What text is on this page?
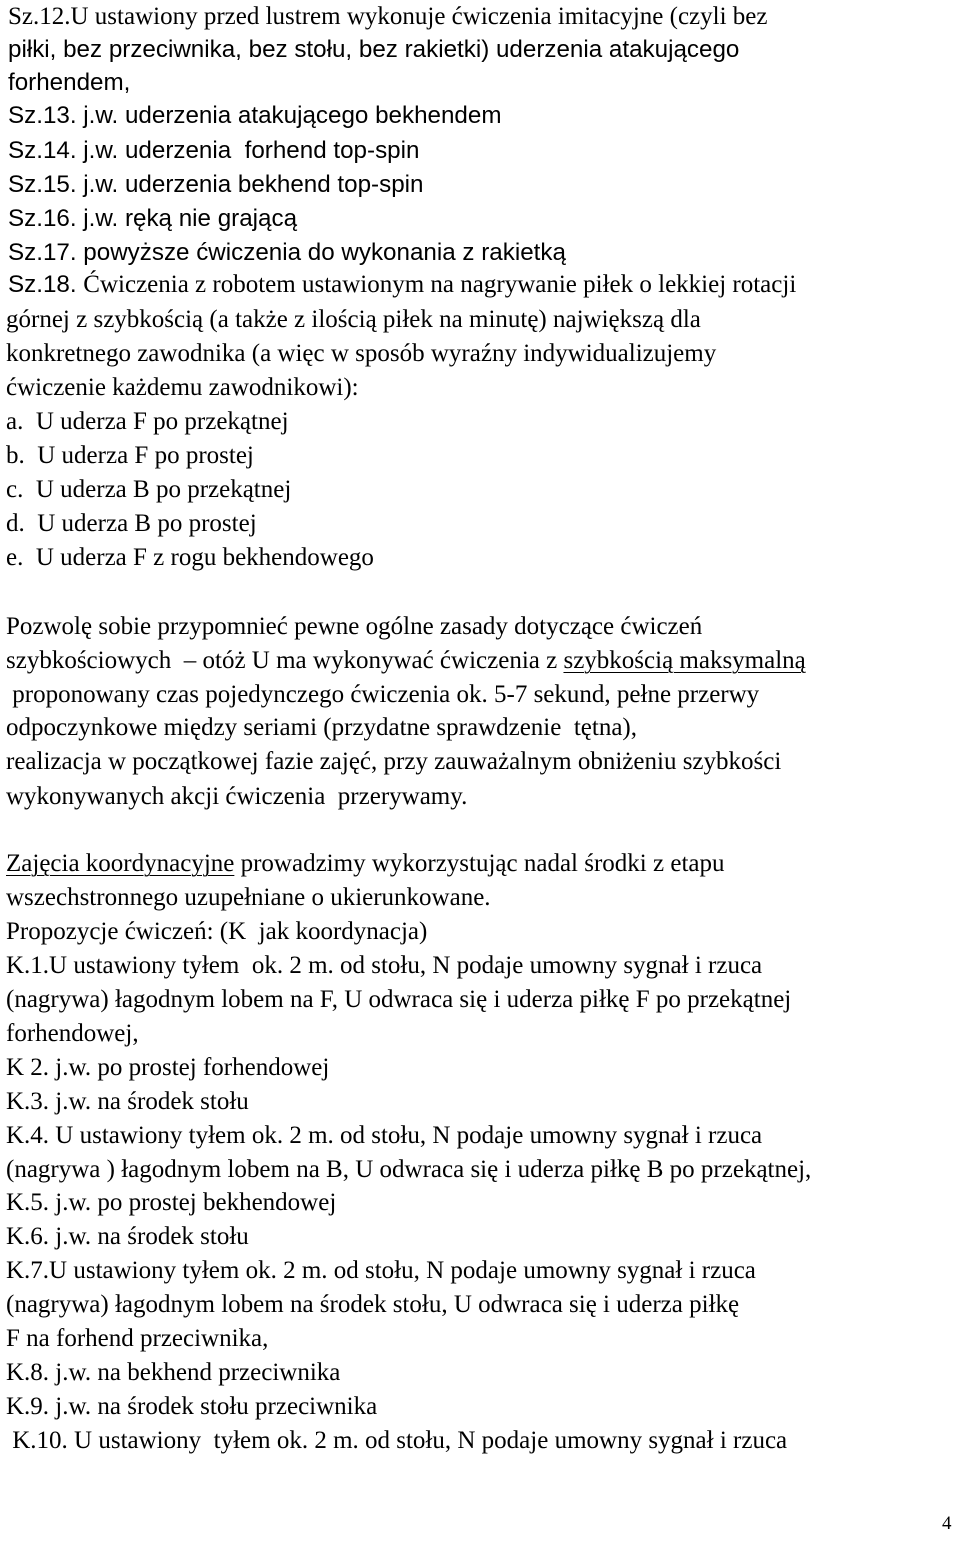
Sz.12.U ustawiony przed lustrem wykonuje ćwiczenia imitacyjne (czyli bez
piłki, bez przeciwnika, bez stołu, bez rakietki) uderzenia atakującego
forhendem,
Sz.13. j.w. uderzenia atakującego bekhendem
Sz.14. j.w. uderzenia  forhend top-spin
Sz.15. j.w. uderzenia bekhend top-spin
Sz.16. j.w. ręką nie grającą
Sz.17. powyższe ćwiczenia do wykonania z rakietką
Sz.18. Ćwiczenia z robotem ustawionym na nagrywanie piłek o lekkiej rotacji
górnej z szybkością (a także z ilością piłek na minutę) największą dla
konkretnego zawodnika (a więc w sposób wyraźny indywidualizujemy
ćwiczenie każdemu zawodnikowi):
a.  U uderza F po przekątnej
b.  U uderza F po prostej
c.  U uderza B po przekątnej
d.  U uderza B po prostej
e.  U uderza F z rogu bekhendowego
Pozwolę sobie przypomnieć pewne ogólne zasady dotyczące ćwiczeń
szybkościowych  – otóż U ma wykonywać ćwiczenia z szybkością maksymalną
proponowany czas pojedynczego ćwiczenia ok. 5-7 sekund, pełne przerwy
odpoczynkowe między seriami (przydatne sprawdzenie  tętna),
realizacja w początkowej fazie zajęć, przy zauważalnym obniżeniu szybkości
wykonywanych akcji ćwiczenia  przerywamy.
Zajęcia koordynacyjne prowadzimy wykorzystując nadal środki z etapu
wszechstronnego uzupełniane o ukierunkowane.
Propozycje ćwiczeń: (K  jak koordynacja)
K.1.U ustawiony tyłem  ok. 2 m. od stołu, N podaje umowny sygnał i rzuca
(nagrywa) łagodnym lobem na F, U odwraca się i uderza piłkę F po przekątnej
forhendowej,
K 2. j.w. po prostej forhendowej
K.3. j.w. na środek stołu
K.4. U ustawiony tyłem ok. 2 m. od stołu, N podaje umowny sygnał i rzuca
(nagrywa ) łagodnym lobem na B, U odwraca się i uderza piłkę B po przekątnej,
K.5. j.w. po prostej bekhendowej
K.6. j.w. na środek stołu
K.7.U ustawiony tyłem ok. 2 m. od stołu, N podaje umowny sygnał i rzuca
(nagrywa) łagodnym lobem na środek stołu, U odwraca się i uderza piłkę
F na forhend przeciwnika,
K.8. j.w. na bekhend przeciwnika
K.9. j.w. na środek stołu przeciwnika
K.10. U ustawiony  tyłem ok. 2 m. od stołu, N podaje umowny sygnał i rzuca
4
